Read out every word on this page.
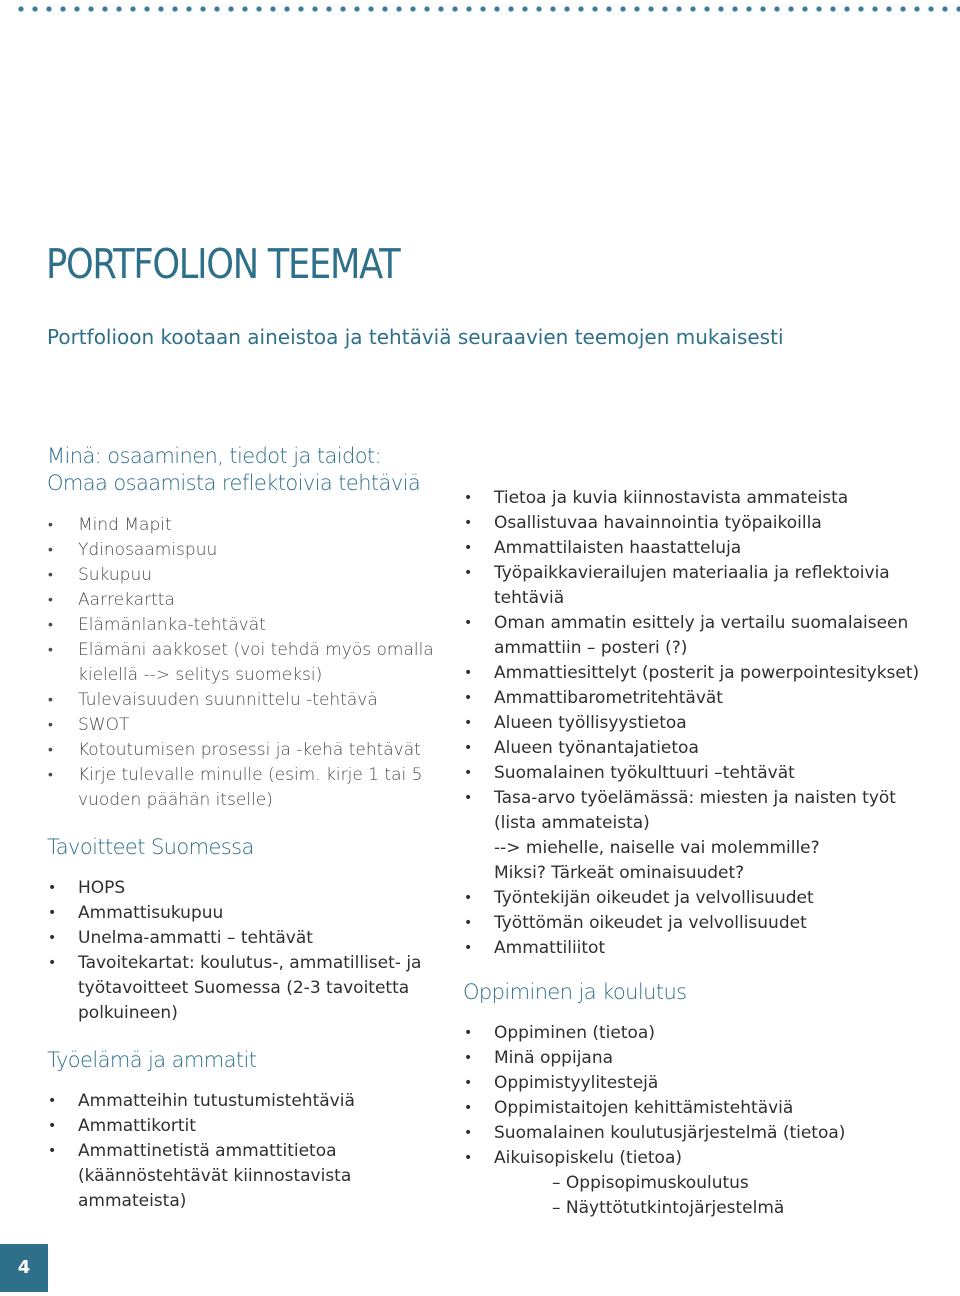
PORTFOLION TEEMAT

Portfolioon kootaan aineistoa ja tehtäviä seuraavien teemojen mukaisesti

Minä: osaaminen, tiedot ja taidot:
Omaa osaamista reflektoivia tehtäviä
• Mind Mapit
• Ydinosaamispuu
• Sukupuu
• Aarrekartta
• Elämänlanka-tehtävät
• Elämäni aakkoset (voi tehdä myös omalla kielellä --> selitys suomeksi)
• Tulevaisuuden suunnittelu -tehtävä
• SWOT
• Kotoutumisen prosessi ja -kehä tehtävät
• Kirje tulevalle minulle (esim. kirje 1 tai 5 vuoden päähän itselle)
Tavoitteet Suomessa
• HOPS
• Ammattisukupuu
• Unelma-ammatti – tehtävät
• Tavoitekartat: koulutus-, ammatilliset- ja työtavoitteet Suomessa (2-3 tavoitetta polkuineen)
Työelämä ja ammatit
• Ammatteihin tutustumistehtäviä
• Ammattikortit
• Ammattinetistä ammattitietoa (käännöstehtävät kiinnostavista ammateista)
• Tietoa ja kuvia kiinnostavista ammateista
• Osallistuvaa havainnointia työpaikoilla
• Ammattilaisten haastatteluja
• Työpaikkavierailujen materiaalia ja reflektoivia tehtäviä
• Oman ammatin esittely ja vertailu suomalaiseen ammattiin – posteri (?)
• Ammattiesittelyt (posterit ja powerpointesitykset)
• Ammattibarometritehtävät
• Alueen työllisyystietoa
• Alueen työnantajatietoa
• Suomalainen työkulttuuri –tehtävät
• Tasa-arvo työelämässä: miesten ja naisten työt (lista ammateista)
--> miehelle, naiselle vai molemmille?
Miksi? Tärkeät ominaisuudet?
• Työntekijän oikeudet ja velvollisuudet
• Työttömän oikeudet ja velvollisuudet
• Ammattiliitot
Oppiminen ja koulutus
• Oppiminen (tietoa)
• Minä oppijana
• Oppimistyylitestejä
• Oppimistaitojen kehittämistehtäviä
• Suomalainen koulutusjärjestelmä (tietoa)
• Aikuisopiskelu (tietoa)
– Oppisopimuskoulutus
– Näyttötutkintojärjestelmä
4
